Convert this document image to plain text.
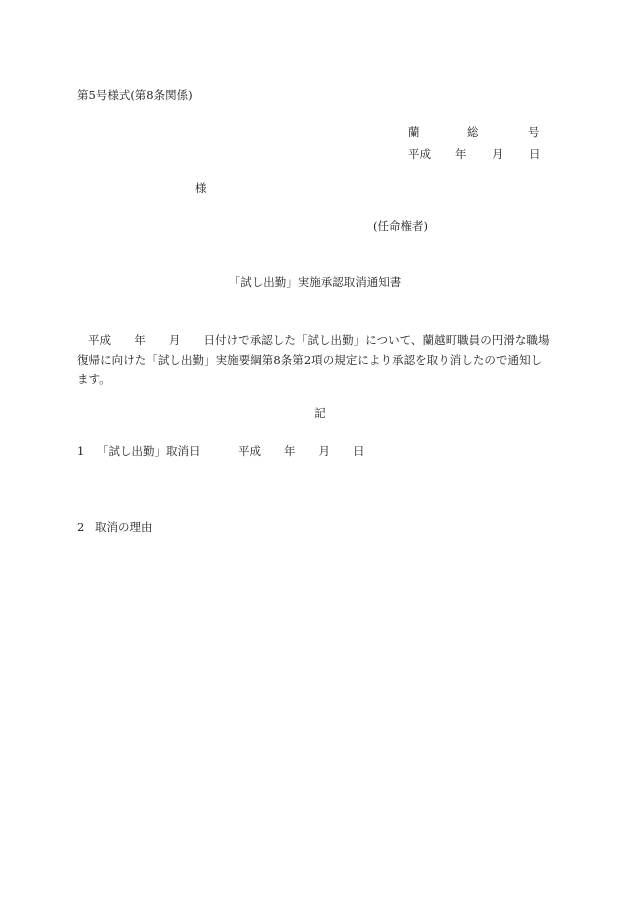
第5号様式(第8条関係)
蘭	総	号
平成 年 月 日
様
(任命権者)
「試し出勤」実施承認取消通知書
平成　　年　　月　　日付けで承認した「試し出勤」について、蘭越町職員の円滑な職場復帰に向けた「試し出勤」実施要綱第8条第2項の規定により承認を取り消したので通知します。
記
1 「試し出勤」取消日	平成　　年　　月　　日
2 取消の理由
